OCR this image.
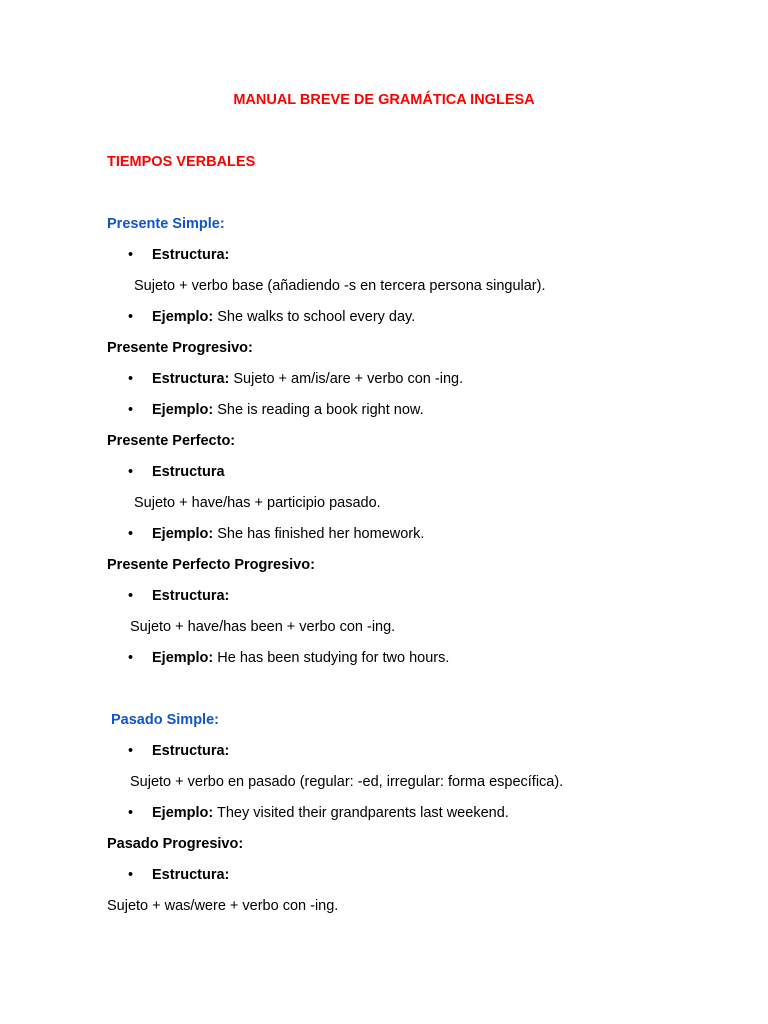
MANUAL BREVE DE GRAMÁTICA INGLESA
TIEMPOS VERBALES
Presente Simple:
• Estructura:
Sujeto + verbo base (añadiendo -s en tercera persona singular).
• Ejemplo: She walks to school every day.
Presente Progresivo:
• Estructura: Sujeto + am/is/are + verbo con -ing.
• Ejemplo: She is reading a book right now.
Presente Perfecto:
• Estructura
Sujeto + have/has + participio pasado.
• Ejemplo: She has finished her homework.
Presente Perfecto Progresivo:
• Estructura:
Sujeto + have/has been + verbo con -ing.
• Ejemplo: He has been studying for two hours.
Pasado Simple:
• Estructura:
Sujeto + verbo en pasado (regular: -ed, irregular: forma específica).
• Ejemplo: They visited their grandparents last weekend.
Pasado Progresivo:
• Estructura:
Sujeto + was/were + verbo con -ing.
